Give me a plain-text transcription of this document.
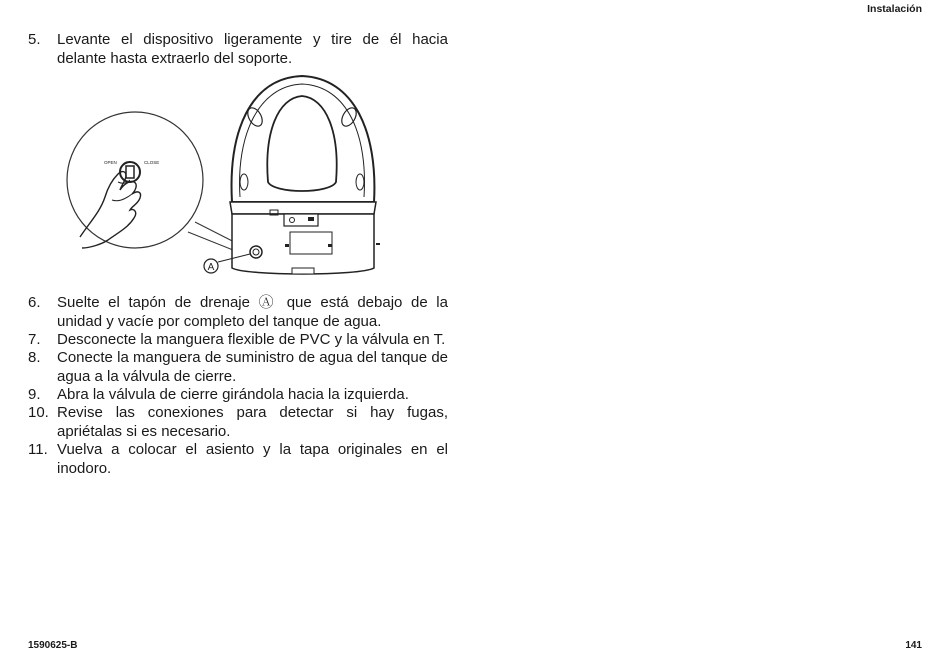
Instalación
5.	Levante el dispositivo ligeramente y tire de él hacia delante hasta extraerlo del soporte.
OPEN	CLOSE
A
6.	Suelte el tapón de drenaje Ⓐ que está debajo de la unidad y vacíe por completo del tanque de agua.
7.	Desconecte la manguera flexible de PVC y la válvula en T.
8.	Conecte la manguera de suministro de agua del tanque de agua a la válvula de cierre.
9.	Abra la válvula de cierre girándola hacia la izquierda.
10. Revise las conexiones para detectar si hay fugas, apriétalas si es necesario.
11. Vuelva a colocar el asiento y la tapa originales en el inodoro.
1590625-B	141
